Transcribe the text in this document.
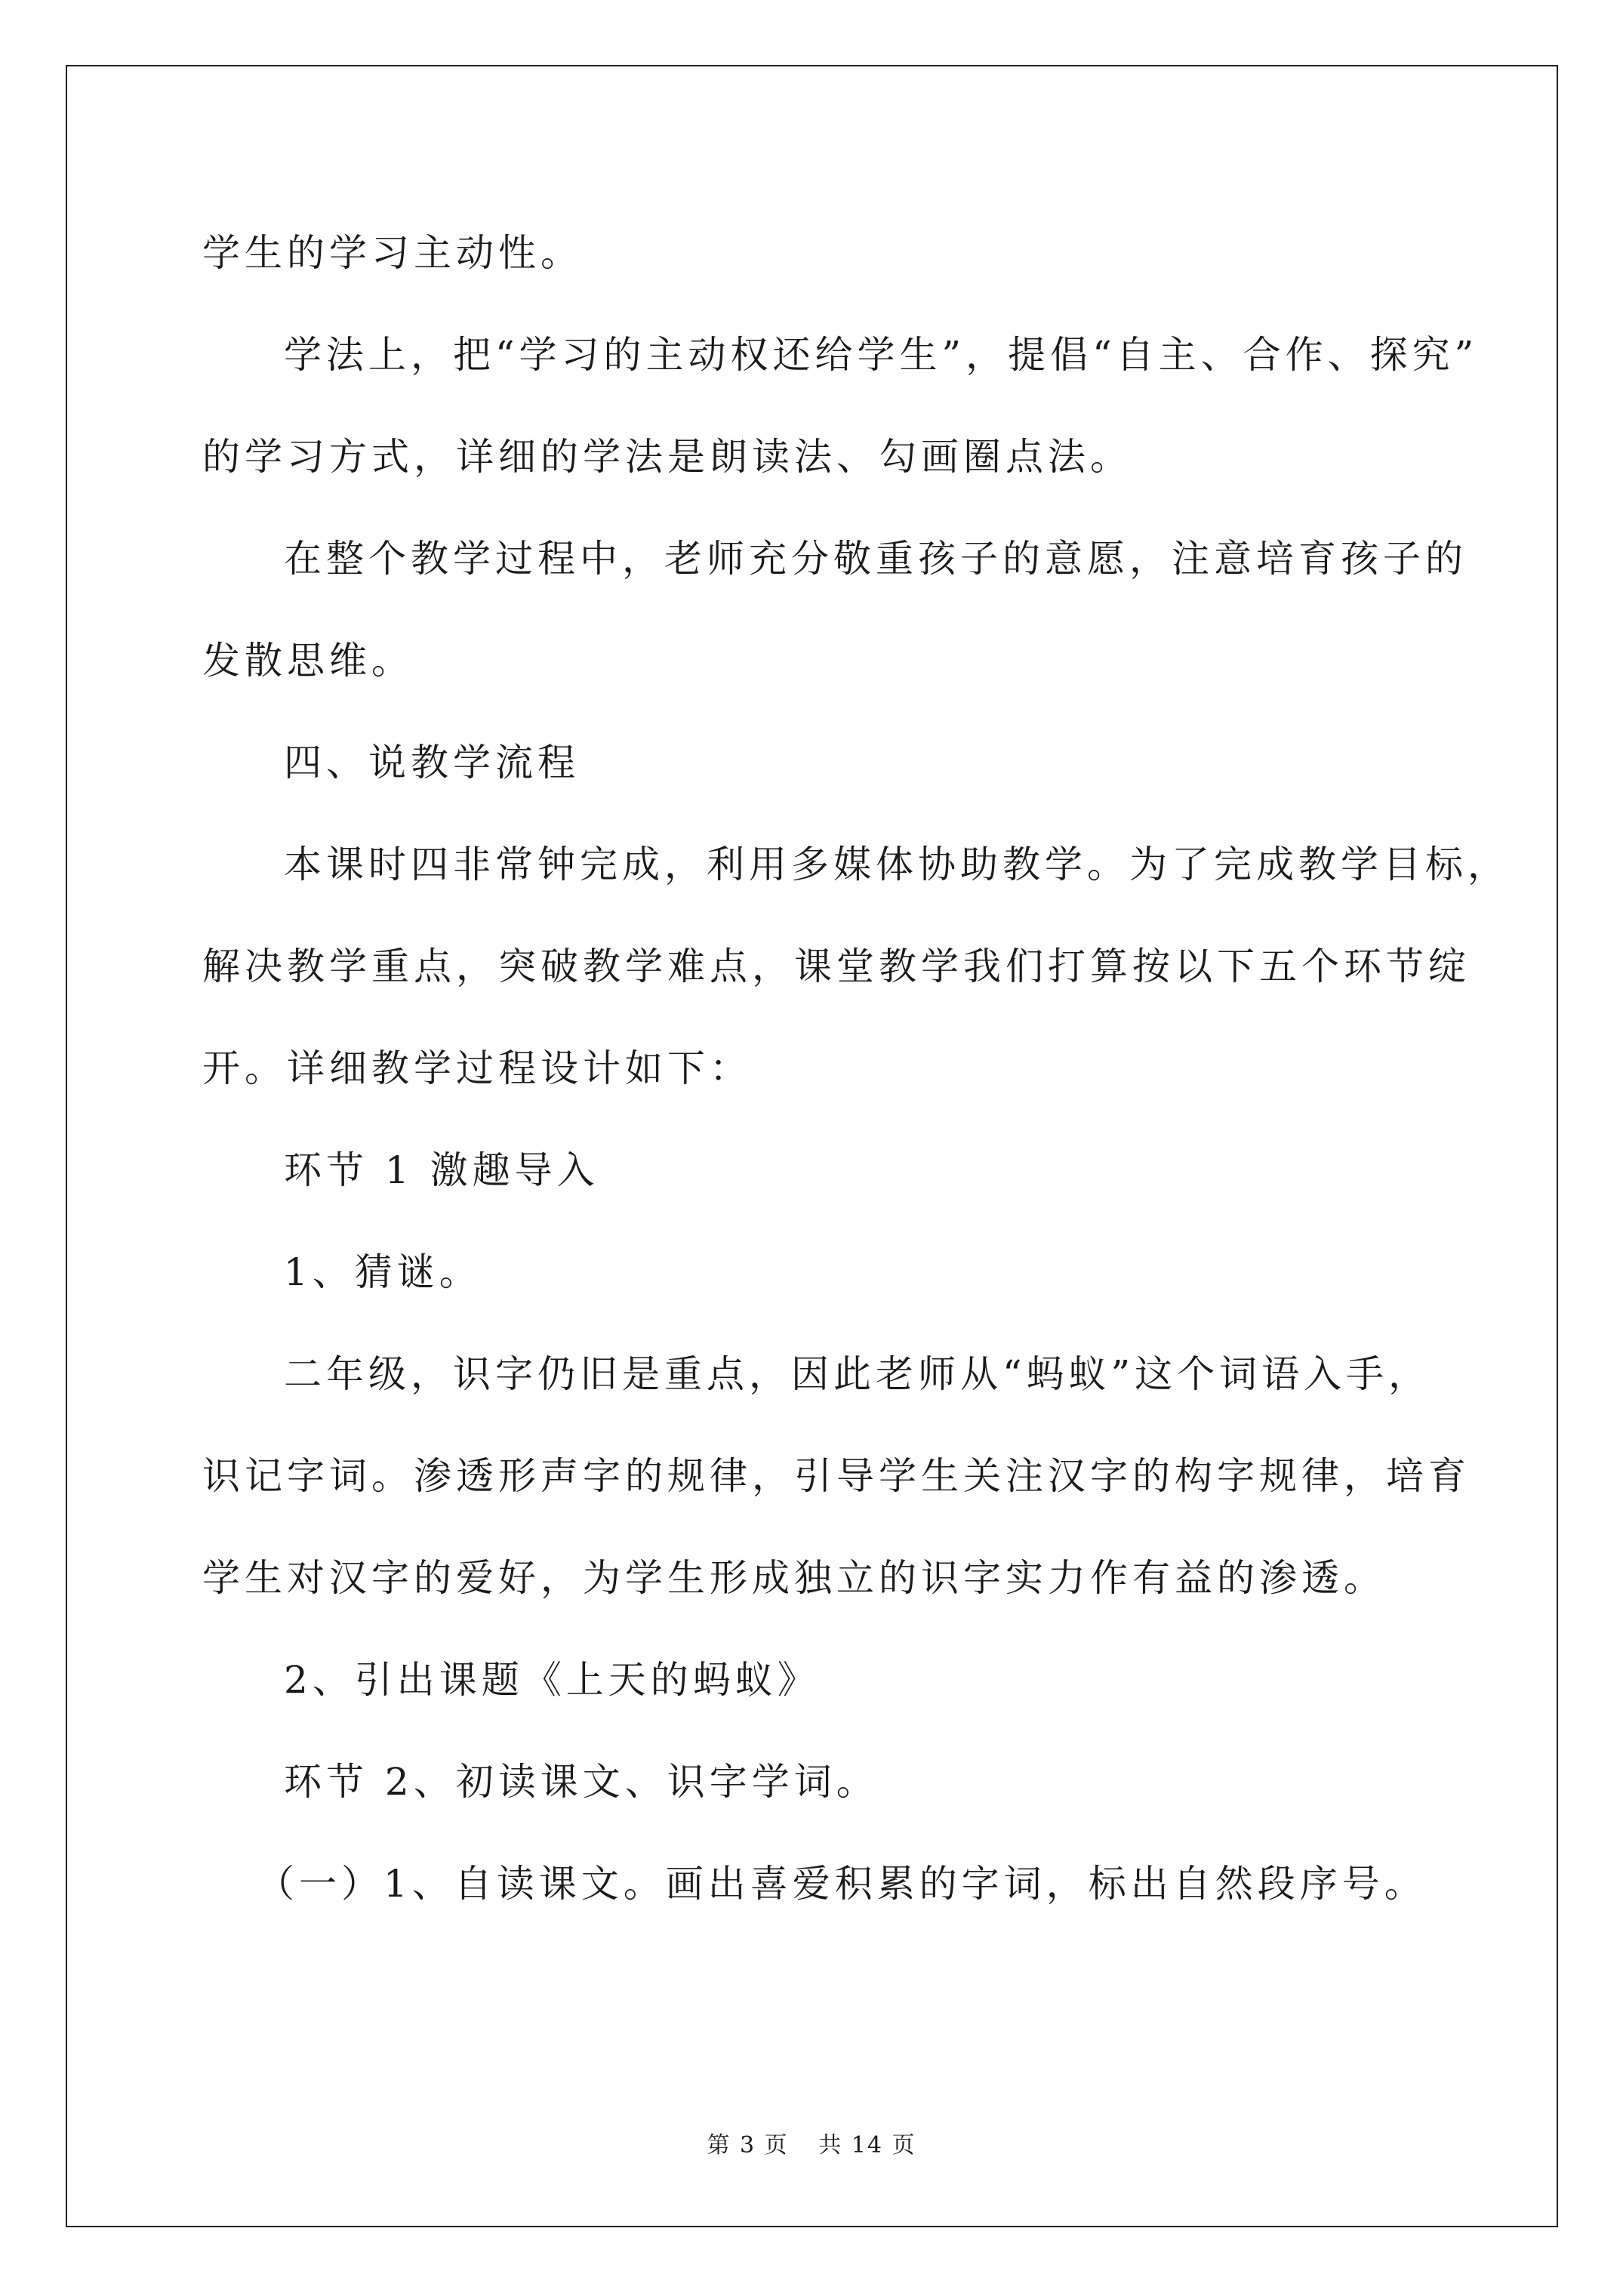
学生的学习主动性。
学法上，把“学习的主动权还给学生”，提倡“自主、合作、探究”
的学习方式，详细的学法是朗读法、勾画圈点法。
在整个教学过程中，老师充分敬重孩子的意愿，注意培育孩子的
发散思维。
四、说教学流程
本课时四非常钟完成，利用多媒体协助教学。为了完成教学目标，
解决教学重点，突破教学难点，课堂教学我们打算按以下五个环节绽
开。详细教学过程设计如下：
环节 1 激趣导入
1、猜谜。
二年级，识字仍旧是重点，因此老师从“蚂蚁”这个词语入手，
识记字词。渗透形声字的规律，引导学生关注汉字的构字规律，培育
学生对汉字的爱好，为学生形成独立的识字实力作有益的渗透。
2、引出课题《上天的蚂蚁》
环节 2、初读课文、识字学词。
（一）1、自读课文。画出喜爱积累的字词，标出自然段序号。
第 3 页 共 14 页
